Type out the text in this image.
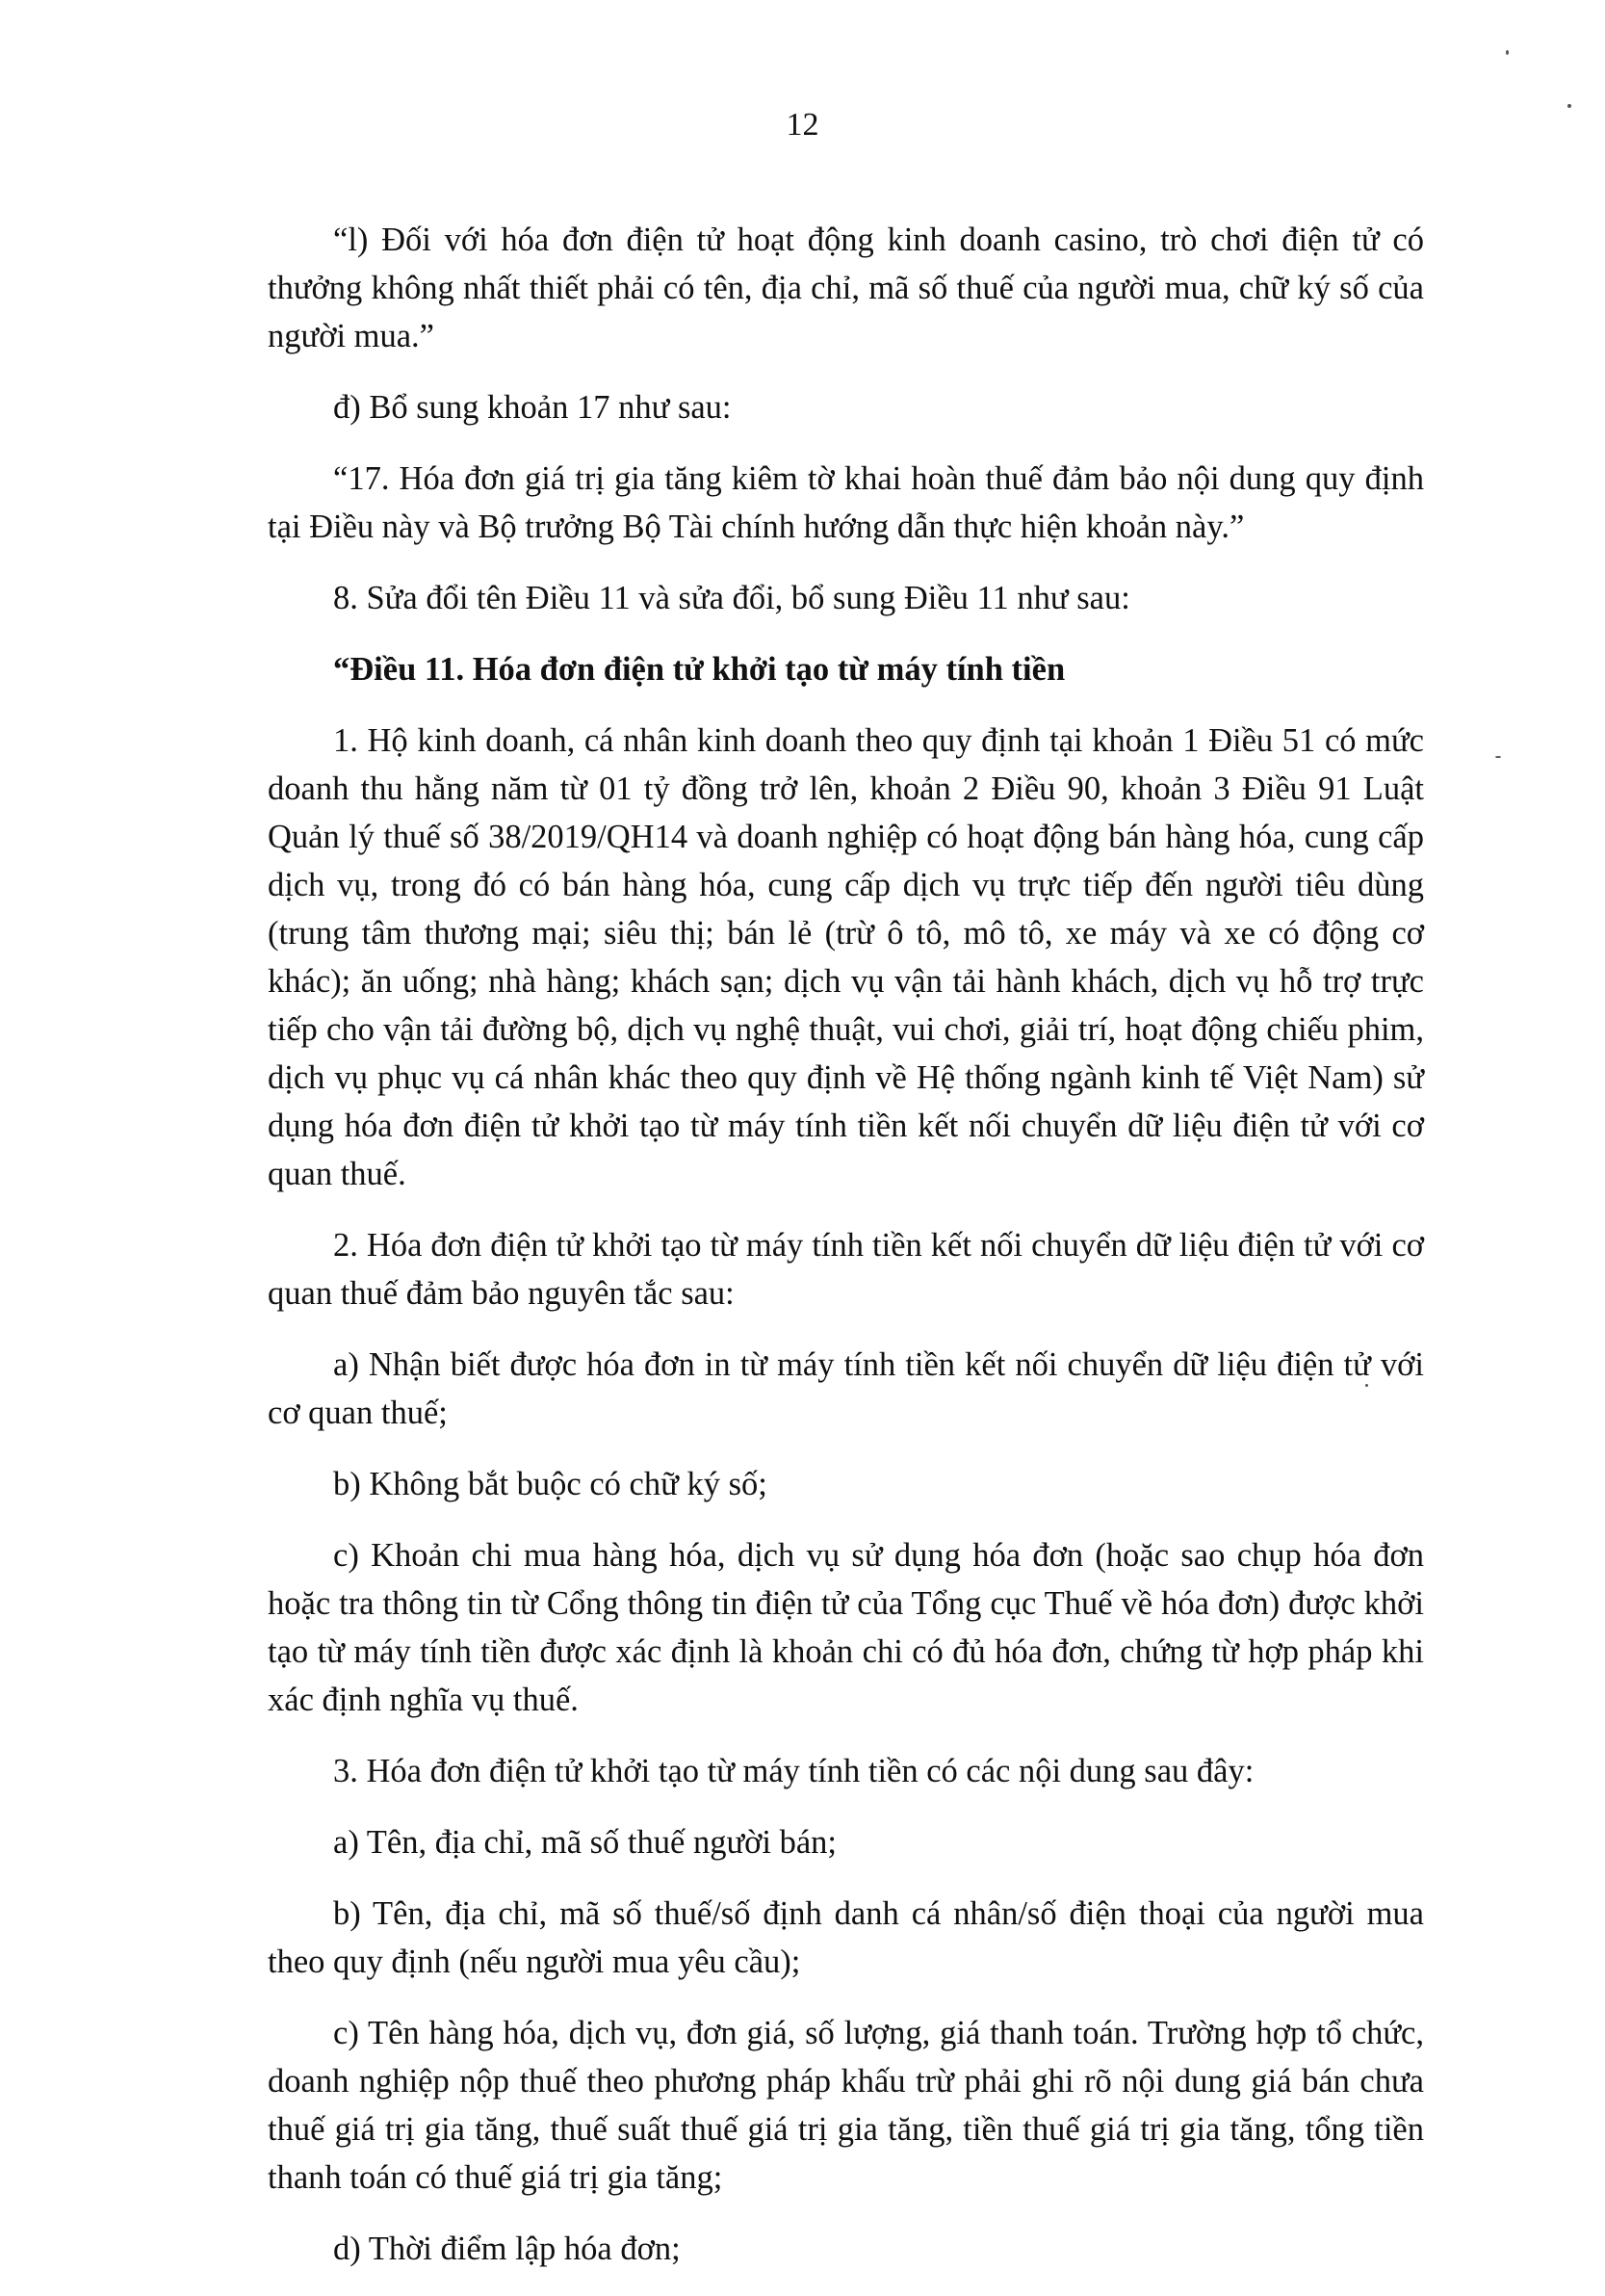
12

“l) Đối với hóa đơn điện tử hoạt động kinh doanh casino, trò chơi điện tử có thưởng không nhất thiết phải có tên, địa chỉ, mã số thuế của người mua, chữ ký số của người mua.”

đ) Bổ sung khoản 17 như sau:

“17. Hóa đơn giá trị gia tăng kiêm tờ khai hoàn thuế đảm bảo nội dung quy định tại Điều này và Bộ trưởng Bộ Tài chính hướng dẫn thực hiện khoản này.”

8. Sửa đổi tên Điều 11 và sửa đổi, bổ sung Điều 11 như sau:

“Điều 11. Hóa đơn điện tử khởi tạo từ máy tính tiền

1. Hộ kinh doanh, cá nhân kinh doanh theo quy định tại khoản 1 Điều 51 có mức doanh thu hằng năm từ 01 tỷ đồng trở lên, khoản 2 Điều 90, khoản 3 Điều 91 Luật Quản lý thuế số 38/2019/QH14 và doanh nghiệp có hoạt động bán hàng hóa, cung cấp dịch vụ, trong đó có bán hàng hóa, cung cấp dịch vụ trực tiếp đến người tiêu dùng (trung tâm thương mại; siêu thị; bán lẻ (trừ ô tô, mô tô, xe máy và xe có động cơ khác); ăn uống; nhà hàng; khách sạn; dịch vụ vận tải hành khách, dịch vụ hỗ trợ trực tiếp cho vận tải đường bộ, dịch vụ nghệ thuật, vui chơi, giải trí, hoạt động chiếu phim, dịch vụ phục vụ cá nhân khác theo quy định về Hệ thống ngành kinh tế Việt Nam) sử dụng hóa đơn điện tử khởi tạo từ máy tính tiền kết nối chuyển dữ liệu điện tử với cơ quan thuế.

2. Hóa đơn điện tử khởi tạo từ máy tính tiền kết nối chuyển dữ liệu điện tử với cơ quan thuế đảm bảo nguyên tắc sau:

a) Nhận biết được hóa đơn in từ máy tính tiền kết nối chuyển dữ liệu điện tử với cơ quan thuế;

b) Không bắt buộc có chữ ký số;

c) Khoản chi mua hàng hóa, dịch vụ sử dụng hóa đơn (hoặc sao chụp hóa đơn hoặc tra thông tin từ Cổng thông tin điện tử của Tổng cục Thuế về hóa đơn) được khởi tạo từ máy tính tiền được xác định là khoản chi có đủ hóa đơn, chứng từ hợp pháp khi xác định nghĩa vụ thuế.

3. Hóa đơn điện tử khởi tạo từ máy tính tiền có các nội dung sau đây:

a) Tên, địa chỉ, mã số thuế người bán;

b) Tên, địa chỉ, mã số thuế/số định danh cá nhân/số điện thoại của người mua theo quy định (nếu người mua yêu cầu);

c) Tên hàng hóa, dịch vụ, đơn giá, số lượng, giá thanh toán. Trường hợp tổ chức, doanh nghiệp nộp thuế theo phương pháp khấu trừ phải ghi rõ nội dung giá bán chưa thuế giá trị gia tăng, thuế suất thuế giá trị gia tăng, tiền thuế giá trị gia tăng, tổng tiền thanh toán có thuế giá trị gia tăng;

d) Thời điểm lập hóa đơn;
